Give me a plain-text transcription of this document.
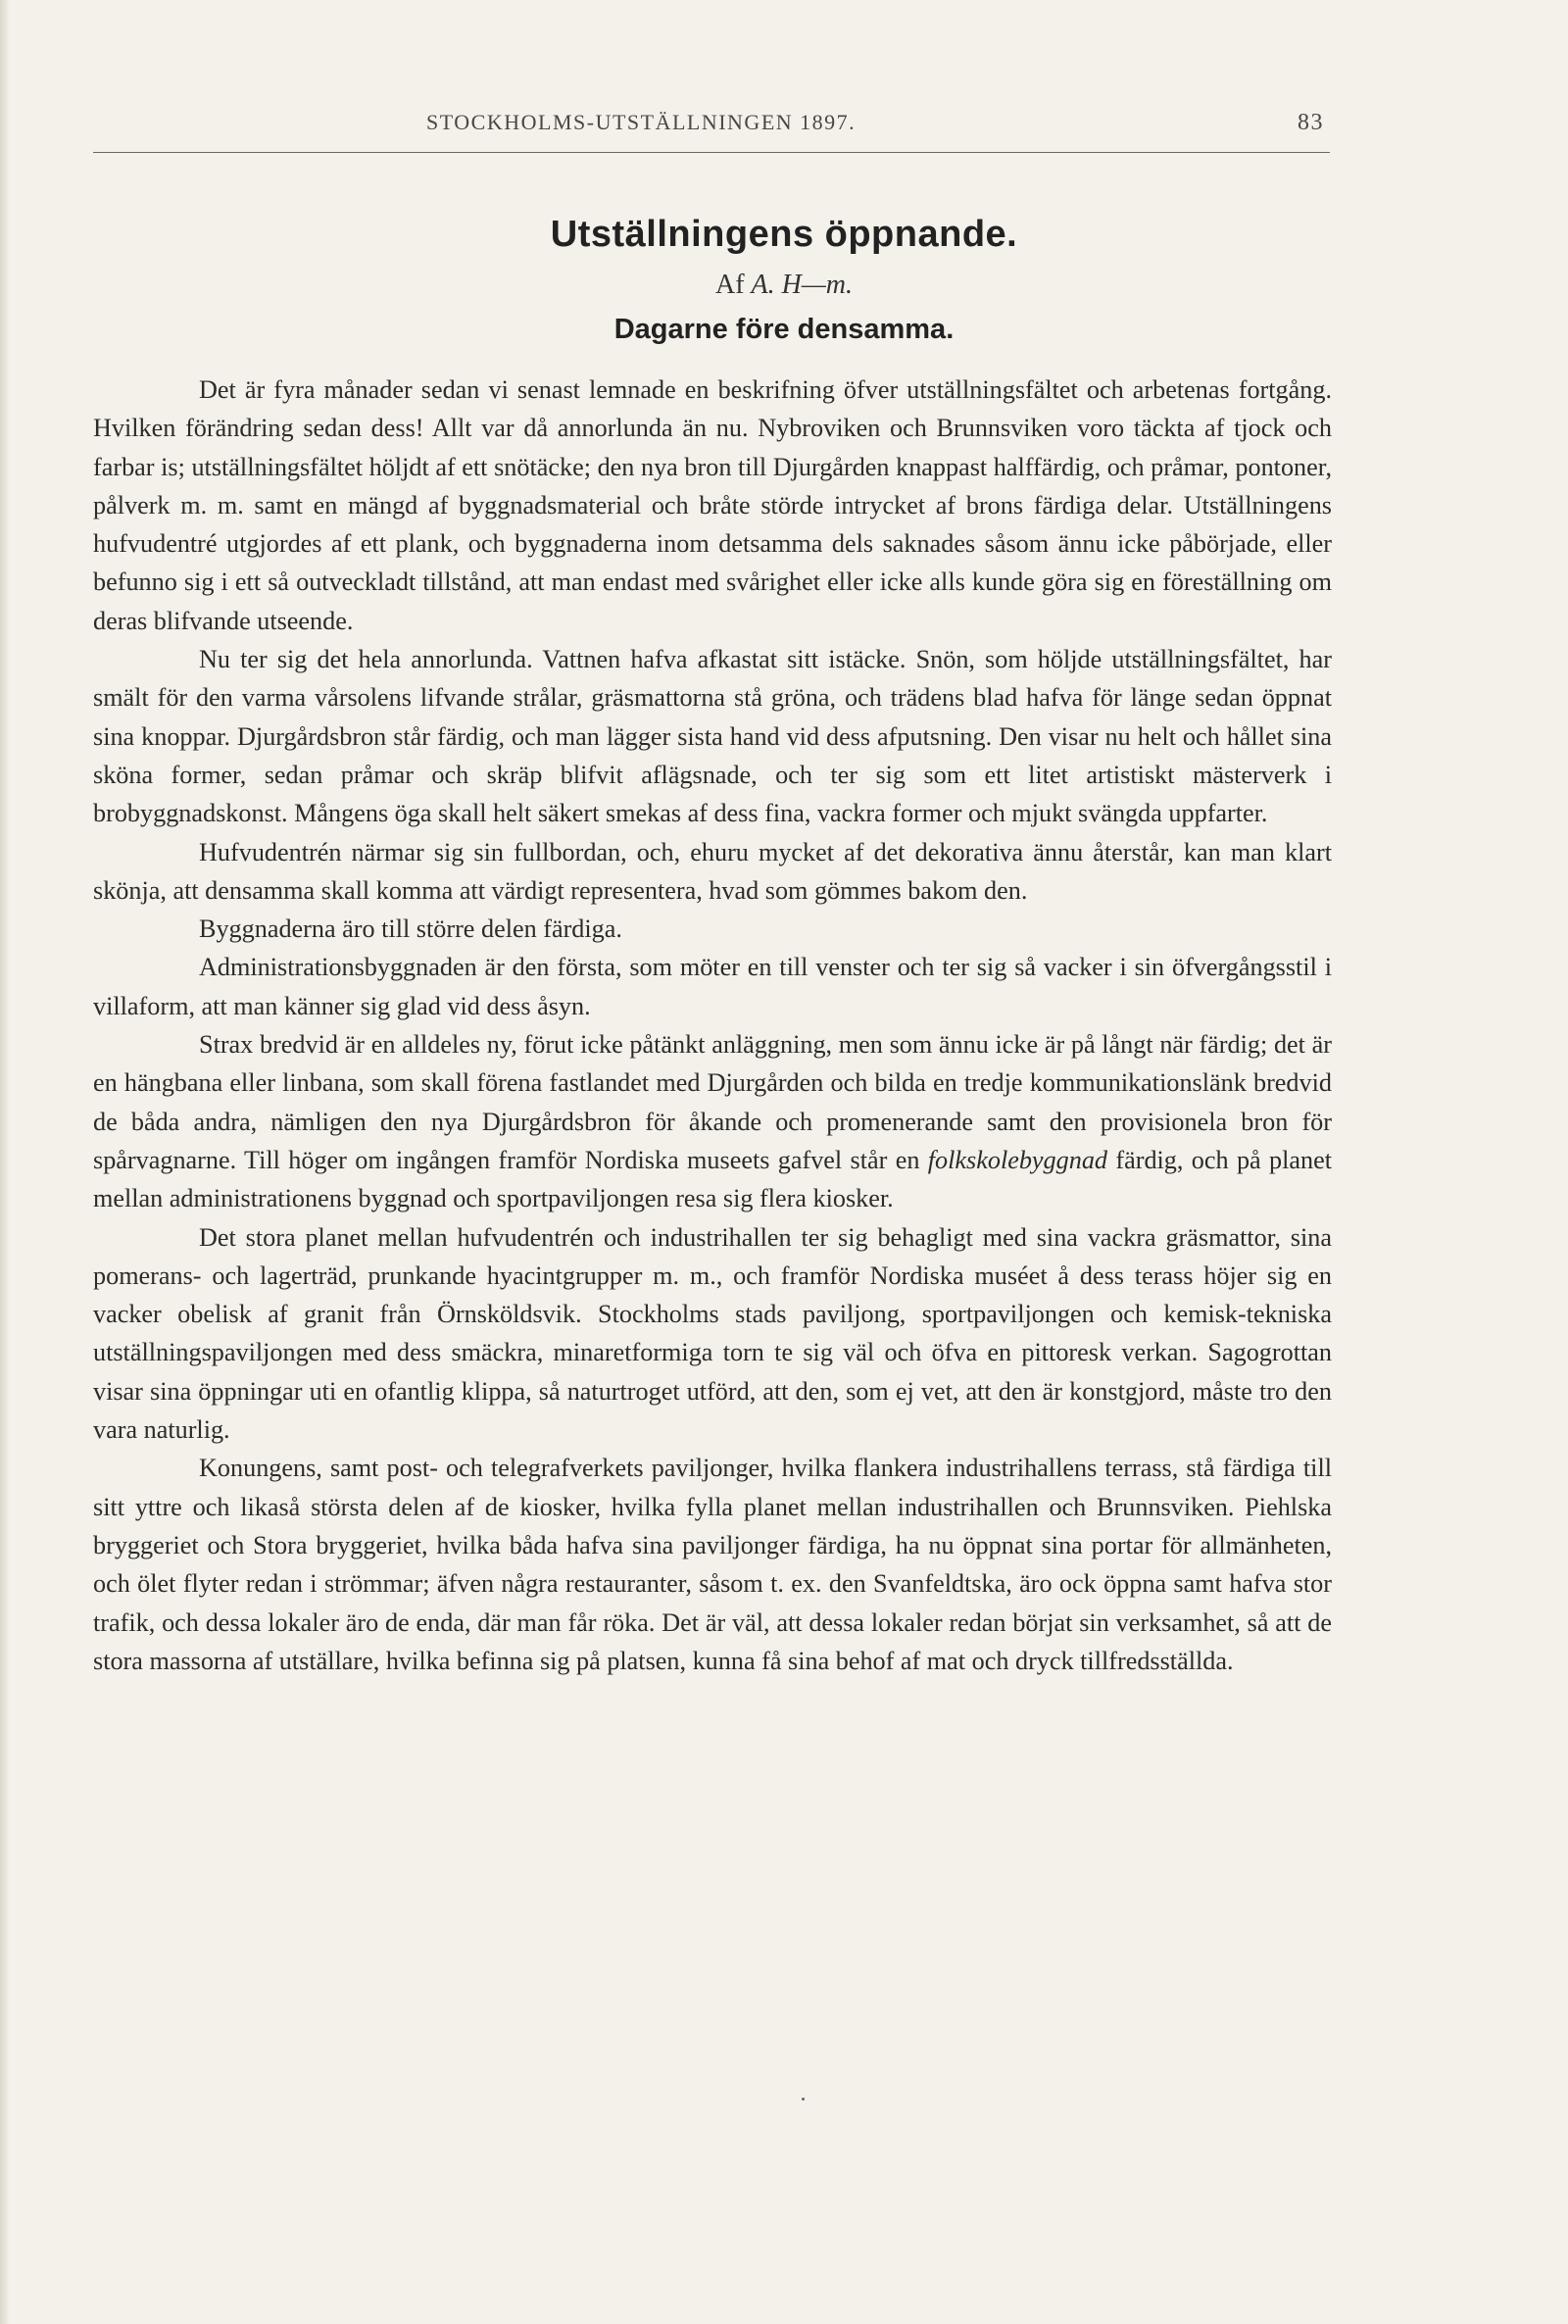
STOCKHOLMS-UTSTÄLLNINGEN 1897.	83
Utställningens öppnande.
Af A. H—m.
Dagarne före densamma.

Det är fyra månader sedan vi senast lemnade en beskrifning öfver utställningsfältet och arbetenas fortgång. Hvilken förändring sedan dess! Allt var då annorlunda än nu. Nybroviken och Brunnsviken voro täckta af tjock och farbar is; utställningsfältet höljdt af ett snötäcke; den nya bron till Djurgården knappast halffärdig, och pråmar, pontoner, pålverk m. m. samt en mängd af byggnadsmaterial och bråte störde intrycket af brons färdiga delar. Utställningens hufvudentré utgjordes af ett plank, och byggnaderna inom detsamma dels saknades såsom ännu icke påbörjade, eller befunno sig i ett så outveckladt tillstånd, att man endast med svårighet eller icke alls kunde göra sig en föreställning om deras blifvande utseende.

Nu ter sig det hela annorlunda. Vattnen hafva afkastat sitt istäcke. Snön, som höljde utställningsfältet, har smält för den varma vårsolens lifvande strålar, gräsmattorna stå gröna, och trädens blad hafva för länge sedan öppnat sina knoppar. Djurgårdsbron står färdig, och man lägger sista hand vid dess afputsning. Den visar nu helt och hållet sina sköna former, sedan pråmar och skräp blifvit aflägsnade, och ter sig som ett litet artistiskt mästerverk i brobyggnadskonst. Mångens öga skall helt säkert smekas af dess fina, vackra former och mjukt svängda uppfarter.

Hufvudentrén närmar sig sin fullbordan, och, ehuru mycket af det dekorativa ännu återstår, kan man klart skönja, att densamma skall komma att värdigt representera, hvad som gömmes bakom den.

Byggnaderna äro till större delen färdiga.

Administrationsbyggnaden är den första, som möter en till venster och ter sig så vacker i sin öfvergångsstil i villaform, att man känner sig glad vid dess åsyn.

Strax bredvid är en alldeles ny, förut icke påtänkt anläggning, men som ännu icke är på långt när färdig; det är en hängbana eller linbana, som skall förena fastlandet med Djurgården och bilda en tredje kommunikationslänk bredvid de båda andra, nämligen den nya Djurgårdsbron för åkande och promenerande samt den provisionela bron för spårvagnarne. Till höger om ingången framför Nordiska museets gafvel står en folkskolebyggnad färdig, och på planet mellan administrationens byggnad och sportpaviljongen resa sig flera kiosker.

Det stora planet mellan hufvudentrén och industrihallen ter sig behagligt med sina vackra gräsmattor, sina pomerans- och lagerträd, prunkande hyacintgrupper m. m., och framför Nordiska muséet å dess terass höjer sig en vacker obelisk af granit från Örnsköldsvik. Stockholms stads paviljong, sportpaviljongen och kemisk-tekniska utställningspaviljongen med dess smäckra, minaretformiga torn te sig väl och öfva en pittoresk verkan. Sagogrottan visar sina öppningar uti en ofantlig klippa, så naturtroget utförd, att den, som ej vet, att den är konstgjord, måste tro den vara naturlig.

Konungens, samt post- och telegrafverkets paviljonger, hvilka flankera industrihallens terrass, stå färdiga till sitt yttre och likaså största delen af de kiosker, hvilka fylla planet mellan industrihallen och Brunnsviken. Piehlska bryggeriet och Stora bryggeriet, hvilka båda hafva sina paviljonger färdiga, ha nu öppnat sina portar för allmänheten, och ölet flyter redan i strömmar; äfven några restauranter, såsom t. ex. den Svanfeldtska, äro ock öppna samt hafva stor trafik, och dessa lokaler äro de enda, där man får röka. Det är väl, att dessa lokaler redan börjat sin verksamhet, så att de stora massorna af utställare, hvilka befinna sig på platsen, kunna få sina behof af mat och dryck tillfredsställda.
